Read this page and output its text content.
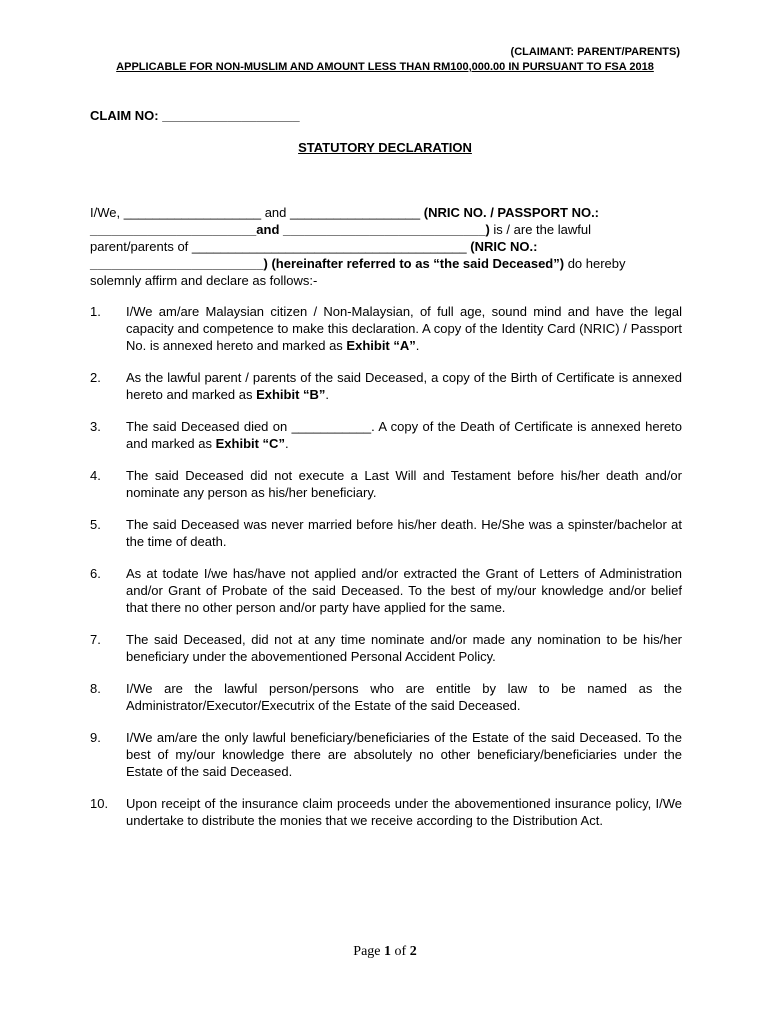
(CLAIMANT: PARENT/PARENTS)
APPLICABLE FOR NON-MUSLIM AND AMOUNT LESS THAN RM100,000.00 IN PURSUANT TO FSA 2018
CLAIM NO: ___________________
STATUTORY DECLARATION
I/We, ___________________ and __________________ (NRIC NO. / PASSPORT NO.:
_______________________and ____________________________) is / are the lawful
parent/parents of ______________________________________ (NRIC NO.:
________________________) (hereinafter referred to as “the said Deceased”) do hereby
solemnly affirm and declare as follows:-
1.	I/We am/are Malaysian citizen / Non-Malaysian, of full age, sound mind and have the legal capacity and competence to make this declaration. A copy of the Identity Card (NRIC) / Passport No. is annexed hereto and marked as Exhibit “A”.
2.	As the lawful parent / parents of the said Deceased, a copy of the Birth of Certificate is annexed hereto and marked as Exhibit “B”.
3.	The said Deceased died on ___________. A copy of the Death of Certificate is annexed hereto and marked as Exhibit “C”.
4.	The said Deceased did not execute a Last Will and Testament before his/her death and/or nominate any person as his/her beneficiary.
5.	The said Deceased was never married before his/her death. He/She was a spinster/bachelor at the time of death.
6.	As at todate I/we has/have not applied and/or extracted the Grant of Letters of Administration and/or Grant of Probate of the said Deceased. To the best of my/our knowledge and/or belief that there no other person and/or party have applied for the same.
7.	The said Deceased, did not at any time nominate and/or made any nomination to be his/her beneficiary under the abovementioned Personal Accident Policy.
8.	I/We are the lawful person/persons who are entitle by law to be named as the Administrator/Executor/Executrix of the Estate of the said Deceased.
9.	I/We am/are the only lawful beneficiary/beneficiaries of the Estate of the said Deceased. To the best of my/our knowledge there are absolutely no other beneficiary/beneficiaries under the Estate of the said Deceased.
10.	Upon receipt of the insurance claim proceeds under the abovementioned insurance policy, I/We undertake to distribute the monies that we receive according to the Distribution Act.
Page 1 of 2
